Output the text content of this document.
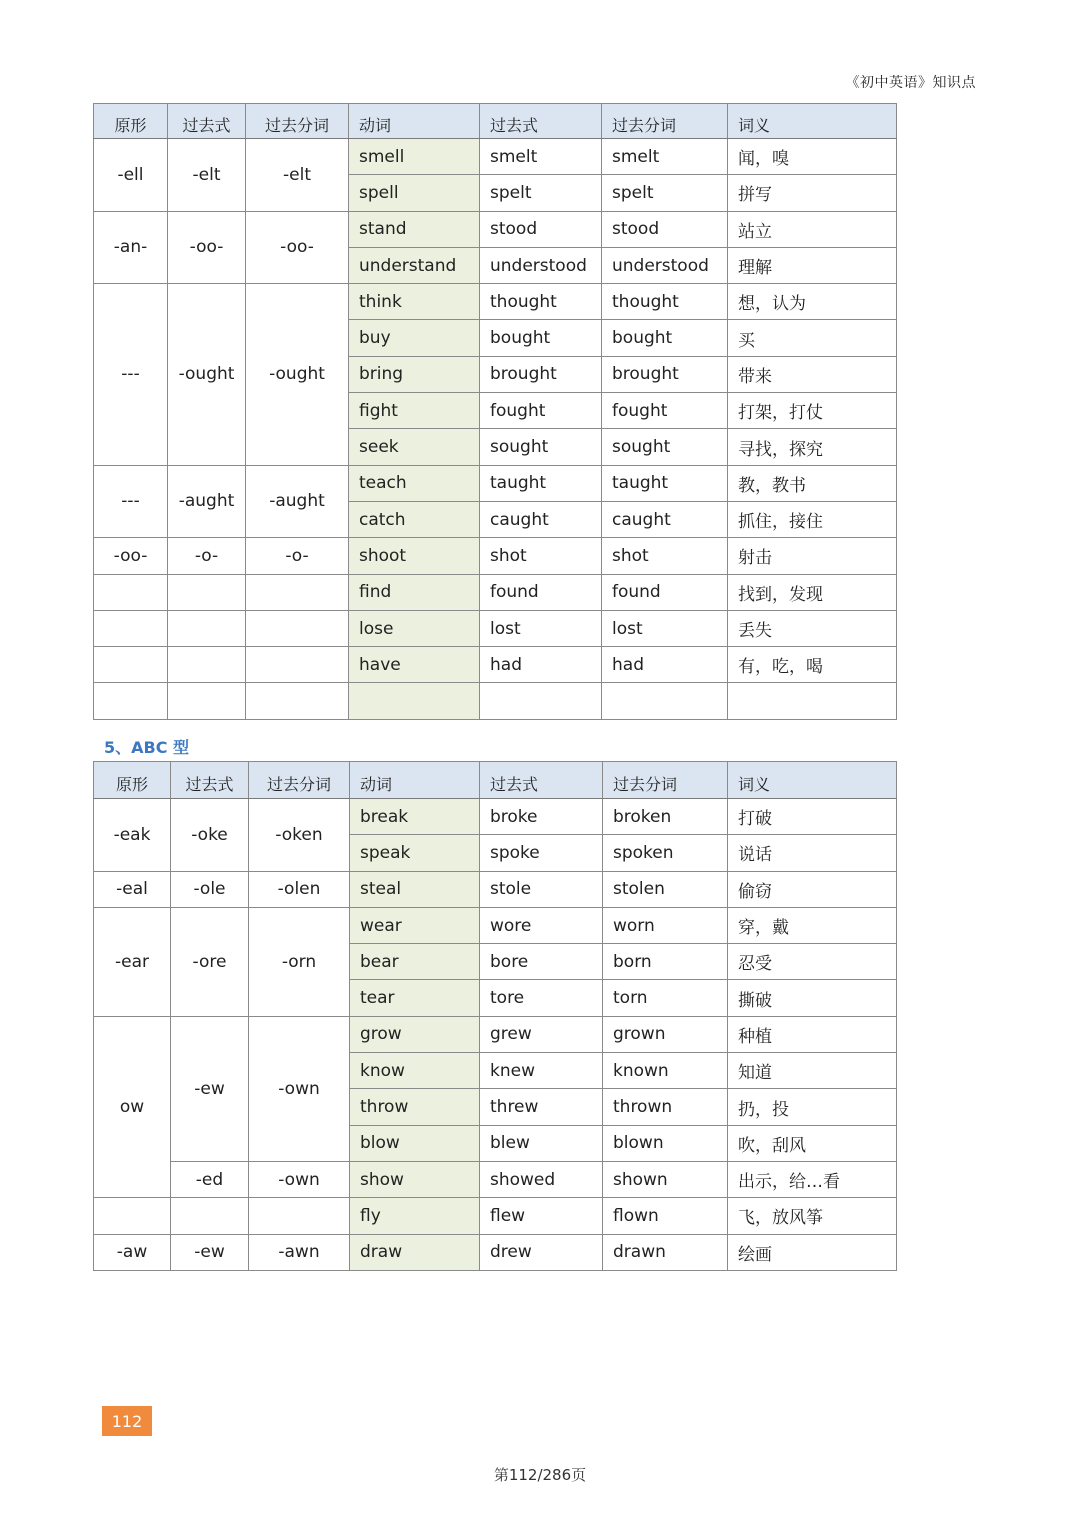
《初中英语》知识点
原形	过去式	过去分词	动词	过去式	过去分词	词义
-ell	-elt	-elt	smell	smelt	smelt	闻，嗅
			spell	spelt	spelt	拼写
-an-	-oo-	-oo-	stand	stood	stood	站立
			understand	understood	understood	理解
---	-ought	-ought	think	thought	thought	想，认为
			buy	bought	bought	买
			bring	brought	brought	带来
			fight	fought	fought	打架，打仗
			seek	sought	sought	寻找，探究
---	-aught	-aught	teach	taught	taught	教，教书
			catch	caught	caught	抓住，接住
-oo-	-o-	-o-	shoot	shot	shot	射击
			find	found	found	找到，发现
			lose	lost	lost	丢失
			have	had	had	有，吃，喝

5、ABC 型
原形	过去式	过去分词	动词	过去式	过去分词	词义
-eak	-oke	-oken	break	broke	broken	打破
			speak	spoke	spoken	说话
-eal	-ole	-olen	steal	stole	stolen	偷窃
-ear	-ore	-orn	wear	wore	worn	穿，戴
			bear	bore	born	忍受
			tear	tore	torn	撕破
ow	-ew	-own	grow	grew	grown	种植
			know	knew	known	知道
			throw	threw	thrown	扔，投
			blow	blew	blown	吹，刮风
	-ed	-own	show	showed	shown	出示，给…看
			fly	flew	flown	飞，放风筝
-aw	-ew	-awn	draw	drew	drawn	绘画
112
第112/286页
